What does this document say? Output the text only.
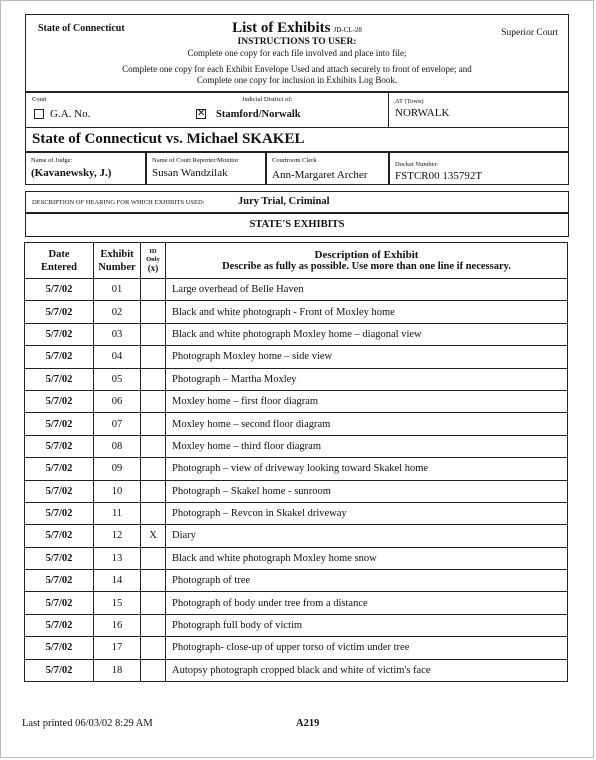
State of Connecticut	List of Exhibits JD-CL-28	Superior Court
INSTRUCTIONS TO USER:
Complete one copy for each file involved and place into file;
Complete one copy for each Exhibit Envelope Used and attach securely to front of envelope; and
Complete one copy for inclusion in Exhibits Log Book.
Court
G.A. No.
Judicial District of:
✕ Stamford/Norwalk
AT (Town)
NORWALK
State of Connecticut vs. Michael SKAKEL
Name of Judge:
(Kavanewsky, J.)
Name of Court Reporter/Monitor
Susan Wandzilak
Courtroom Clerk
Ann-Margaret Archer
Docket Number:
FSTCR00 135792T
DESCRIPTION OF HEARING FOR WHICH EXHIBITS USED:	Jury Trial, Criminal
STATE'S EXHIBITS
Date
Entered	Exhibit
Number	ID
Only
(x)	Description of Exhibit
Describe as fully as possible. Use more than one line if necessary.

5/7/02	01		Large overhead of Belle Haven
5/7/02	02		Black and white photograph - Front of Moxley home
5/7/02	03		Black and white photograph Moxley home – diagonal view
5/7/02	04		Photograph Moxley home – side view
5/7/02	05		Photograph – Martha Moxley
5/7/02	06		Moxley home – first floor diagram
5/7/02	07		Moxley home – second floor diagram
5/7/02	08		Moxley home – third floor diagram
5/7/02	09		Photograph – view of driveway looking toward Skakel home
5/7/02	10		Photograph – Skakel home - sunroom
5/7/02	11		Photograph – Revcon in Skakel driveway
5/7/02	12	X	Diary
5/7/02	13		Black and white photograph Moxley home snow
5/7/02	14		Photograph of tree
5/7/02	15		Photograph of body under tree from a distance
5/7/02	16		Photograph full body of victim
5/7/02	17		Photograph- close-up of upper torso of victim under tree
5/7/02	18		Autopsy photograph cropped black and white of victim's face
Last printed 06/03/02 8:29 AM	A219
